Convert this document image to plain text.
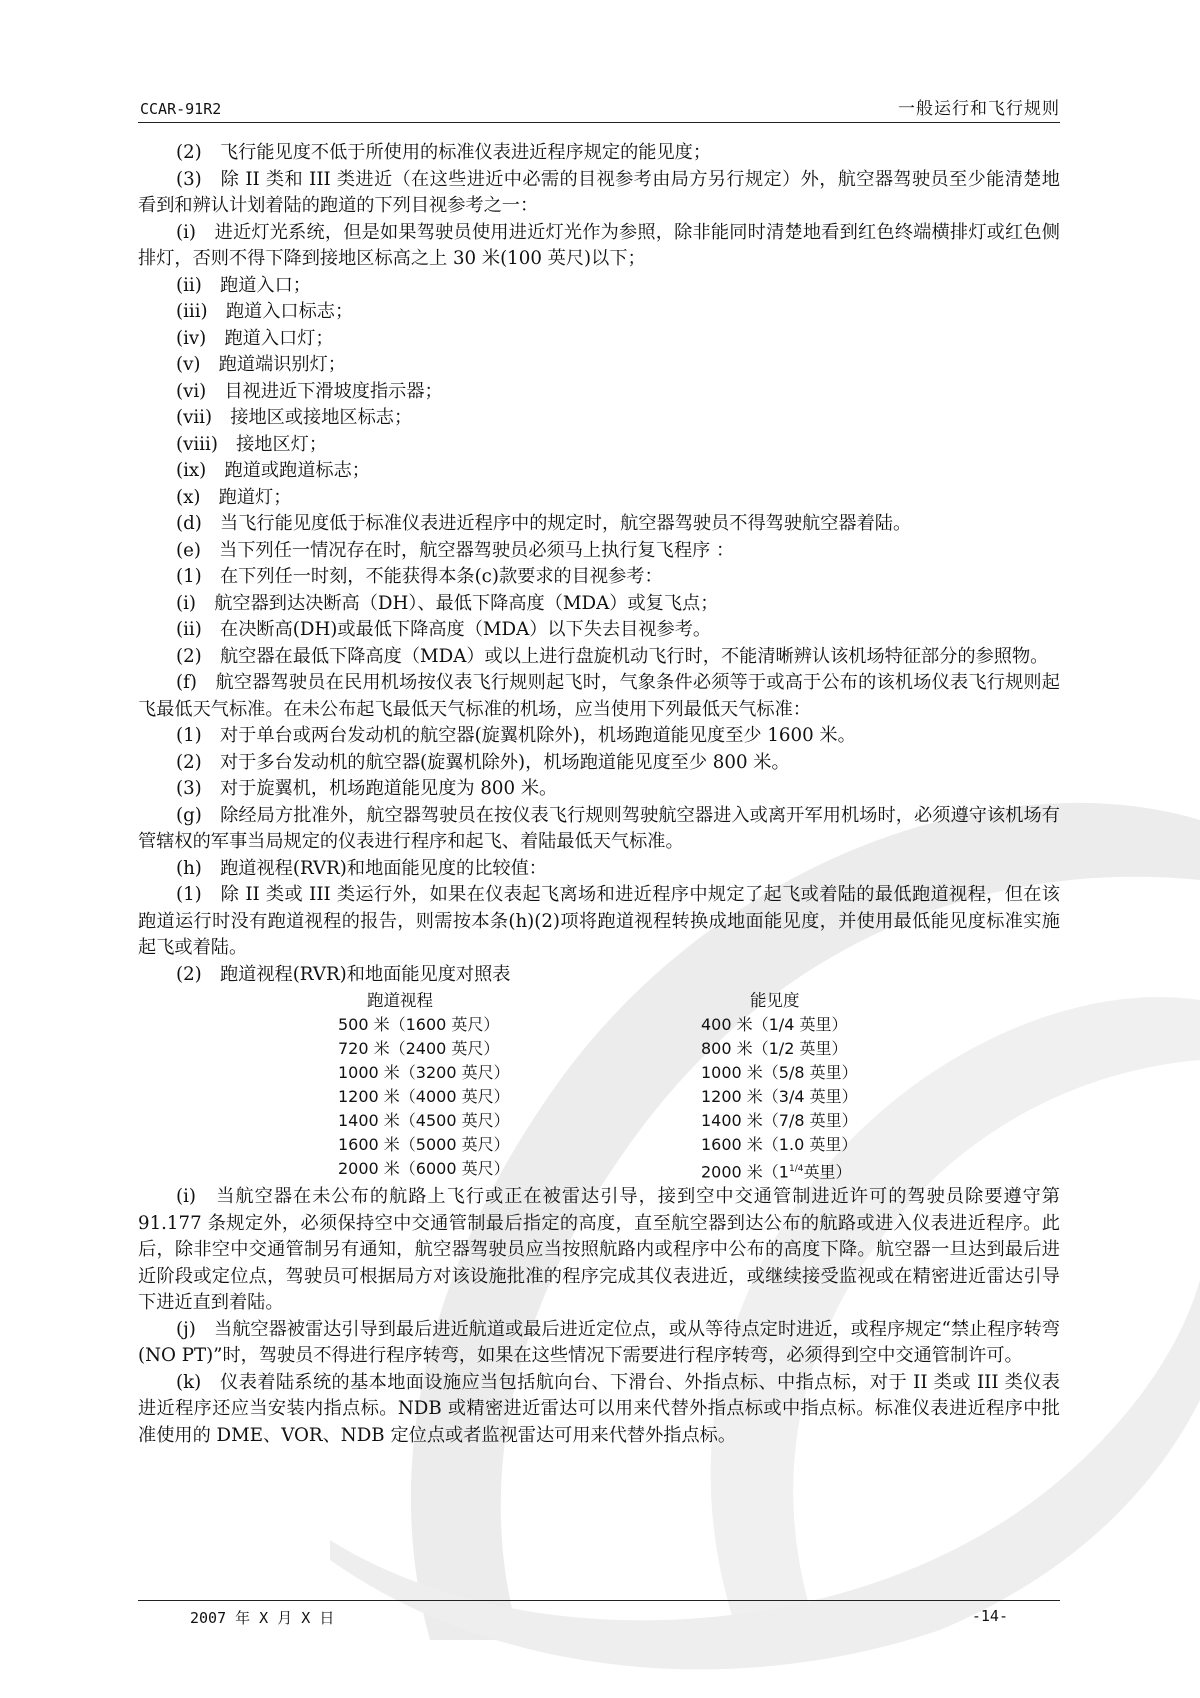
CCAR-91R2	一般运行和飞行规则

(2)　飞行能见度不低于所使用的标准仪表进近程序规定的能见度；

(3)　除 II 类和 III 类进近（在这些进近中必需的目视参考由局方另行规定）外，航空器驾驶员至少能清楚地看到和辨认计划着陆的跑道的下列目视参考之一：

(i)　进近灯光系统，但是如果驾驶员使用进近灯光作为参照，除非能同时清楚地看到红色终端横排灯或红色侧排灯，否则不得下降到接地区标高之上 30 米(100 英尺)以下；

(ii)　跑道入口；

(iii)　跑道入口标志；

(iv)　跑道入口灯；

(v)　跑道端识别灯；

(vi)　目视进近下滑坡度指示器；

(vii)　接地区或接地区标志；

(viii)　接地区灯；

(ix)　跑道或跑道标志；

(x)　跑道灯；

(d)　当飞行能见度低于标准仪表进近程序中的规定时，航空器驾驶员不得驾驶航空器着陆。

(e)　当下列任一情况存在时，航空器驾驶员必须马上执行复飞程序 ：

(1)　在下列任一时刻，不能获得本条(c)款要求的目视参考：

(i)　航空器到达决断高（DH）、最低下降高度（MDA）或复飞点；

(ii)　在决断高(DH)或最低下降高度（MDA）以下失去目视参考。

(2)　航空器在最低下降高度（MDA）或以上进行盘旋机动飞行时，不能清晰辨认该机场特征部分的参照物。

(f)　航空器驾驶员在民用机场按仪表飞行规则起飞时，气象条件必须等于或高于公布的该机场仪表飞行规则起飞最低天气标准。在未公布起飞最低天气标准的机场，应当使用下列最低天气标准：

(1)　对于单台或两台发动机的航空器(旋翼机除外)，机场跑道能见度至少 1600 米。

(2)　对于多台发动机的航空器(旋翼机除外)，机场跑道能见度至少 800 米。

(3)　对于旋翼机，机场跑道能见度为 800 米。

(g)　除经局方批准外，航空器驾驶员在按仪表飞行规则驾驶航空器进入或离开军用机场时，必须遵守该机场有管辖权的军事当局规定的仪表进行程序和起飞、着陆最低天气标准。

(h)　跑道视程(RVR)和地面能见度的比较值：

(1)　除 II 类或 III 类运行外，如果在仪表起飞离场和进近程序中规定了起飞或着陆的最低跑道视程，但在该跑道运行时没有跑道视程的报告，则需按本条(h)(2)项将跑道视程转换成地面能见度，并使用最低能见度标准实施起飞或着陆。

(2)　跑道视程(RVR)和地面能见度对照表

跑道视程	能见度
500 米（1600 英尺）	400 米（1/4 英里）
720 米（2400 英尺）	800 米（1/2 英里）
1000 米（3200 英尺）	1000 米（5/8 英里）
1200 米（4000 英尺）	1200 米（3/4 英里）
1400 米（4500 英尺）	1400 米（7/8 英里）
1600 米（5000 英尺）	1600 米（1.0 英里）
2000 米（6000 英尺）	2000 米（$1^{1/4}$英里）

(i)　当航空器在未公布的航路上飞行或正在被雷达引导，接到空中交通管制进近许可的驾驶员除要遵守第 91.177 条规定外，必须保持空中交通管制最后指定的高度，直至航空器到达公布的航路或进入仪表进近程序。此后，除非空中交通管制另有通知，航空器驾驶员应当按照航路内或程序中公布的高度下降。航空器一旦达到最后进近阶段或定位点，驾驶员可根据局方对该设施批准的程序完成其仪表进近，或继续接受监视或在精密进近雷达引导下进近直到着陆。

(j)　当航空器被雷达引导到最后进近航道或最后进近定位点，或从等待点定时进近，或程序规定“禁止程序转弯(NO PT)”时，驾驶员不得进行程序转弯，如果在这些情况下需要进行程序转弯，必须得到空中交通管制许可。

(k)　仪表着陆系统的基本地面设施应当包括航向台、下滑台、外指点标、中指点标，对于 II 类或 III 类仪表进近程序还应当安装内指点标。NDB 或精密进近雷达可以用来代替外指点标或中指点标。标准仪表进近程序中批准使用的 DME、VOR、NDB 定位点或者监视雷达可用来代替外指点标。

2007 年 X 月 X 日	-14-
